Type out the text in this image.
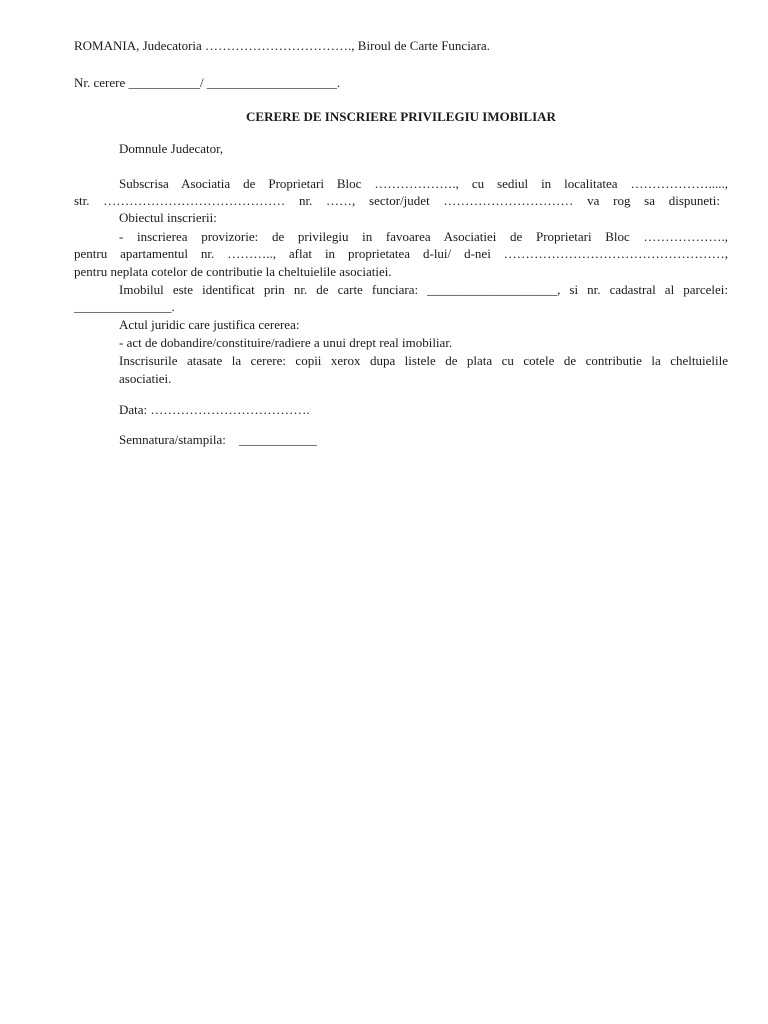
ROMANIA, Judecatoria ……………………………., Biroul de Carte Funciara.
Nr. cerere ___________/ ____________________.
CERERE DE INSCRIERE PRIVILEGIU IMOBILIAR
Domnule Judecator,
Subscrisa Asociatia de Proprietari Bloc ………………., cu sediul in localitatea ……………….....,
str. …………………………………… nr. ……, sector/judet ………………………… va rog sa dispuneti:
Obiectul inscrierii:
- inscrierea provizorie: de privilegiu in favoarea Asociatiei de Proprietari Bloc ……………….,
pentru apartamentul nr. ……….., aflat in proprietatea d-lui/ d-nei ……………………………………………,
pentru neplata cotelor de contributie la cheltuielile asociatiei.
Imobilul este identificat prin nr. de carte funciara: ____________________, si nr. cadastral al parcelei:
_______________.
Actul juridic care justifica cererea:
- act de dobandire/constituire/radiere a unui drept real imobiliar.
Inscrisurile atasate la cerere: copii xerox dupa listele de plata cu cotele de contributie la cheltuielile
asociatiei.
Data: ……………………………….
Semnatura/stampila:    ____________
